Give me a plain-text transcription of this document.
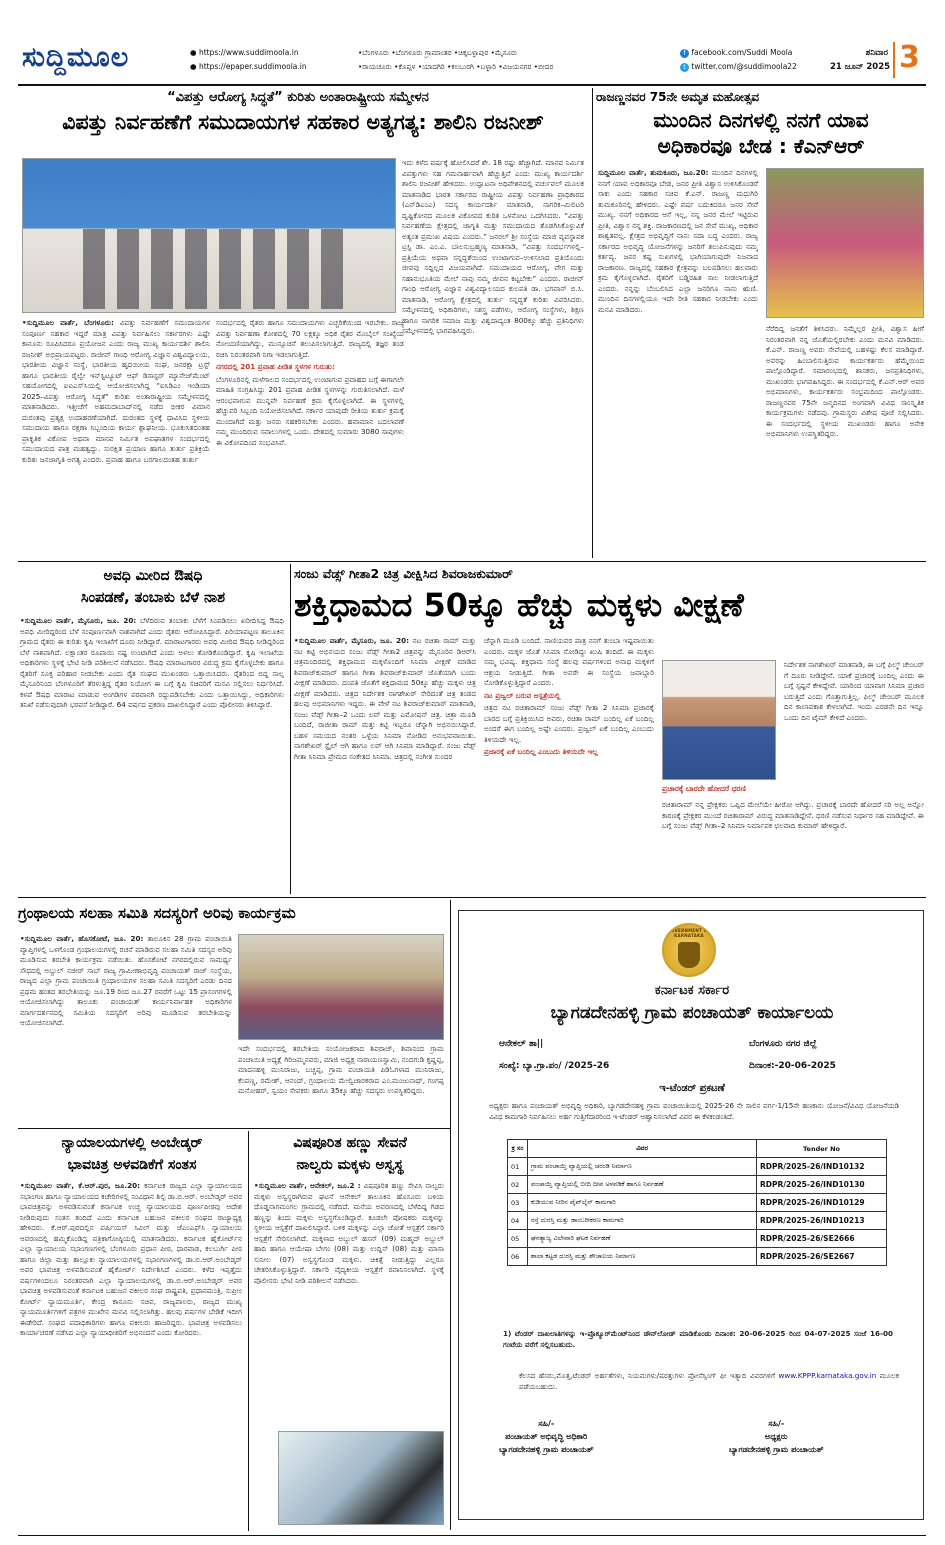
ಸುದ್ದಿಮೂಲ	● https://www.suddimoola.in
● https://epaper.suddimoola.in
•ಬೆಂಗಳೂರು •ಬೆಂಗಳೂರು ಗ್ರಾಮಾಂತರ •ಚಿಕ್ಕಬಳ್ಳಾಪುರ •ಮೈಸೂರು
•ರಾಯಚೂರು •ಕೊಪ್ಪಳ •ಯಾದಗಿರಿ •ಕಲಬುರಗಿ •ಬಳ್ಳಾರಿ •ವಿಜಯನಗರ •ಬೀದರ
f facebook.com/Suddi Moola
t twitter.com/@suddimoola22
ಶನಿವಾರ
21 ಜೂನ್ 2025 3
“ವಿಪತ್ತು ಆರೋಗ್ಯ ಸಿದ್ಧತೆ” ಕುರಿತು ಅಂತಾರಾಷ್ಟ್ರೀಯ ಸಮ್ಮೇಳನ
ವಿಪತ್ತು ನಿರ್ವಹಣೆಗೆ ಸಮುದಾಯಗಳ ಸಹಕಾರ ಅತ್ಯಗತ್ಯ: ಶಾಲಿನಿ ರಜನೀಶ್
•ಸುದ್ದಿಮೂಲ ವಾರ್ತೆ, ಬೆಂಗಳೂರು: ವಿಪತ್ತು ನಿರ್ವಹಣೆಗೆ ಸಮುದಾಯಗಳ ಸಂಪೂರ್ಣ ಸಹಕಾರ ಇದ್ದರೆ ಮಾತ್ರ ವಿಪತ್ತು ನಿರ್ವಹಿಸಲು ಸರ್ಕಾರಗಳು ಎಷ್ಟೇ ಕಾನೂನು ರೂಪಿಸಿದರೂ ಪ್ರಯೋಜನ ಎಂದು ರಾಜ್ಯ ಮುಖ್ಯ ಕಾರ್ಯದರ್ಶಿ ಶಾಲಿನಿ ರಜನೀಶ್ ಅಭಿಪ್ರಾಯಪಟ್ಟರು. ರಾಜೀವ್ ಗಾಂಧಿ ಆರೋಗ್ಯ ವಿಜ್ಞಾನ ವಿಶ್ವವಿದ್ಯಾಲಯ, ಭಾರತೀಯ ವಿಜ್ಞಾನ ಸಂಸ್ಥೆ, ಭಾರತೀಯ ಹೃದಯೀಯ ಸಂಘ, ಜನರಕ್ಷಾ ಟ್ರಸ್ಟ್ ಹಾಗೂ ಭಾರತೀಯ ರೈಲ್ವೇ ಇನ್‌ಸ್ಟಿಟ್ಯೂಟ್ ಆಫ್ ಡಿಸಾಸ್ಟರ್ ಮ್ಯಾನೇಜ್‌ಮೆಂಟ್ ಸಹಯೋಗದಲ್ಲಿ ಐಐಎಸ್‌ಸಿಯಲ್ಲಿ ಆಯೋಜಿಸಲಾಗಿದ್ದ “ಐಸಿಡಿಎಂ ಇಂಡಿಯಾ 2025–ವಿಪತ್ತು ಆರೋಗ್ಯ ಸಿದ್ಧತೆ” ಕುರಿತು ಅಂತಾರಾಷ್ಟ್ರೀಯ ಸಮ್ಮೇಳನದಲ್ಲಿ ಮಾತನಾಡಿದರು. ಇತ್ತೀಚೆಗೆ ಅಹಮದಾಬಾದ್‌ನಲ್ಲಿ ನಡೆದ ಭೀಕರ ವಿಮಾನ ದುರಂತವು ಪ್ರತ್ಯಕ್ಷ ಉದಾಹರಣೆಯಾಗಿದೆ. ದುರಂತದ ಸ್ಥಳಕ್ಕೆ ಧಾವಿಸಿದ ಸ್ಥಳೀಯ ಸಮುದಾಯ ಹಾಗೂ ರಕ್ಷಣಾ ಸಿಬ್ಬಂದಿಯ ಕಾರ್ಯ ಶ್ಲಾಘನೀಯ. ಭೂಕುಸಿತದಂತಹ ಪ್ರಾಕೃತಿಕ ವಿಕೋಪ ಅಥವಾ ಮಾನವ ನಿರ್ಮಿತ ಅಪಘಾತಗಳ ಸಂದರ್ಭದಲ್ಲಿ ಸಮುದಾಯದ ಪಾತ್ರ ಮಹತ್ವದ್ದು. ಸುರಕ್ಷಿತ ಪ್ರಯಾಣ ಹಾಗೂ ತುರ್ತು ಪ್ರತಿಕ್ರಿಯೆ ಕುರಿತು ಜನಜಾಗೃತಿ ಅಗತ್ಯ ಎಂದರು. ಪ್ರವಾಹ ಹಾಗೂ ಬರಗಾಲದಂತಹ ತುರ್ತು

ಸಂದರ್ಭದಲ್ಲಿ ರೈತರು ಹಾಗೂ ಸಮುದಾಯಗಳು ಎಚ್ಚರಿಕೆಯಿಂದ ಇರಬೇಕು. ರಾಜ್ಯ ವಿಪತ್ತು ನಿರ್ವಹಣಾ ಕೋಶದಲ್ಲಿ 70 ಲಕ್ಷಕ್ಕೂ ಅಧಿಕ ರೈತರ ಮೊಬೈಲ್ ಸಂಖ್ಯೆಯ ನೋಂದಣಿಯಾಗಿದ್ದು, ಮುನ್ಸೂಚನೆ ತಲುಪಿಸಲಾಗುತ್ತಿದೆ. ರಾಜ್ಯದಲ್ಲಿ ತಜ್ಞರ ತಂಡ ರಚಿಸಿ ನಿರಂತರವಾಗಿ ನಿಗಾ ಇಡಲಾಗುತ್ತಿದೆ.

ನಗರದಲ್ಲಿ 201 ಪ್ರವಾಹ ಪೀಡಿತ ಸ್ಥಳಗಳ ಗುರುತು:

ಬೆಂಗಳೂರಿನಲ್ಲಿ ಮಳೆಗಾಲದ ಸಂದರ್ಭದಲ್ಲಿ ಉಂಟಾಗುವ ಪ್ರವಾಹದ ಬಗ್ಗೆ ಈಗಾಗಲೇ ಮಾಹಿತಿ ಸಂಗ್ರಹಿಸಿದ್ದು 201 ಪ್ರವಾಹ ಪೀಡಿತ ಸ್ಥಳಗಳನ್ನು ಗುರುತಿಸಲಾಗಿದೆ. ಮಳೆ ಆರಂಭವಾಗುವ ಮುನ್ನವೇ ನಿರ್ವಹಣೆ ಕ್ರಮ ಕೈಗೊಳ್ಳಲಾಗಿದೆ. ಈ ಸ್ಥಳಗಳಲ್ಲಿ ಹೆಚ್ಚುವರಿ ಸಿಬ್ಬಂದಿ ನಿಯೋಜಿಸಲಾಗಿದೆ. ಸರ್ಕಾರ ಯಾವುದೇ ರೀತಿಯ ತುರ್ತು ಕ್ರಮಕ್ಕೆ ಮುಂದಾಗಿದೆ ಮತ್ತು ಜನರು ಸಹಕರಿಸಬೇಕು ಎಂದರು. ಹವಾಮಾನ ಬದಲಾವಣೆ ನಮ್ಮ ಮುಂದಿರುವ ಸವಾಲುಗಳಲ್ಲಿ ಒಂದು. ದೇಶದಲ್ಲಿ ಸುಮಾರು 3080 ಸಾವುಗಳು ಈ ವಿಕೋಪದಿಂದ ಸಂಭವಿಸಿವೆ.

ಇದು ಕಳೆದ ವರ್ಷಕ್ಕೆ ಹೋಲಿಸಿದರೆ ಶೇ. 18 ರಷ್ಟು ಹೆಚ್ಚಾಗಿದೆ. ಮಾನವ ನಿರ್ಮಿತ ವಿಪತ್ತುಗಳು ಸಹ ಗಮನಾರ್ಹವಾಗಿ ಹೆಚ್ಚುತ್ತಿವೆ ಎಂದು ಮುಖ್ಯ ಕಾರ್ಯದರ್ಶಿ ಶಾಲಿನಿ ರಜನೀಶ್ ಹೇಳಿದರು. ಉದ್ಘಾಟನಾ ಅಧಿವೇಶನದಲ್ಲಿ ವರ್ಚುವಲ್ ಮೂಲಕ ಮಾತನಾಡಿದ ಭಾರತ ಸರ್ಕಾರದ ರಾಷ್ಟ್ರೀಯ ವಿಪತ್ತು ನಿರ್ವಹಣಾ ಪ್ರಾಧಿಕಾರದ (ಎನ್‌ಡಿಎಂಎ) ಸದಸ್ಯ ಕಾರ್ಯದರ್ಶಿ ಮಾತನಾಡಿ, ನಾಗರಿಕ–ಮಿಲಿಟರಿ ದೃಷ್ಟಿಕೋನದ ಮೂಲಕ ವಿಕೋಪದ ಕುರಿತ ಒಳನೋಟ ಒದಗಿಸಿದರು. “ವಿಪತ್ತು ನಿರ್ವಹಣೆಯ ಕ್ಷೇತ್ರದಲ್ಲಿ ಜಾಗೃತಿ ಮತ್ತು ಸಮುದಾಯದ ತೊಡಗಿಸಿಕೊಳ್ಳುವಿಕೆ ಅತ್ಯಂತ ಪ್ರಮುಖ ವಿಷಯ ಎಂದರು.” ಜನರಲ್ ಶ್ರೀ ಸಂಸ್ಥೆಯ ಮಾಜಿ ವ್ಯವಸ್ಥಾಪಕ ಟ್ರಸ್ಟಿ ಡಾ. ಎಂ.ಎ. ಬಾಲಸುಬ್ರಹ್ಮಣ್ಯ ಮಾತನಾಡಿ, “ವಿಪತ್ತು ಸಂದರ್ಭಗಳಲ್ಲಿ–ಪ್ರತ್ರಿಯೆಯ ಅಥವಾ ಸನ್ನದ್ಧತೆಯಿಂದ ಉಂಟಾಗುವ–ಉಳಿಸಲಾದ ಪ್ರತಿಯೊಂದು ಜೀವವು ಸದ್ದಿಲ್ಲದ ವಿಜಯವಾಗಿದೆ. ಸಮುದಾಯದ ಆರೋಗ್ಯ, ವೇಗ ಮತ್ತು ಸಹಾನುಭೂತಿಯ ಮೇಲೆ ನಾವು ನಮ್ಮ ಜೀವನ ಕಟ್ಟಬೇಕು” ಎಂದರು. ರಾಜೀವ್ ಗಾಂಧಿ ಆರೋಗ್ಯ ವಿಜ್ಞಾನ ವಿಶ್ವವಿದ್ಯಾಲಯದ ಕುಲಪತಿ ಡಾ. ಭಗವಾನ್ ಬಿ.ಸಿ. ಮಾತನಾಡಿ, ಆರೋಗ್ಯ ಕ್ಷೇತ್ರದಲ್ಲಿ ತುರ್ತು ಸನ್ನದ್ಧತೆ ಕುರಿತು ವಿವರಿಸಿದರು. ಸಮ್ಮೇಳನದಲ್ಲಿ ಅಧಿಕಾರಿಗಳು, ಸಶಸ್ತ್ರ ಪಡೆಗಳು, ಆರೋಗ್ಯ ಸಂಸ್ಥೆಗಳು, ಶಿಕ್ಷಣ ಹಾಗೂ ನಾಗರಿಕ ಸಮಾಜ ಮತ್ತು ವಿಶ್ವದಾದ್ಯಂತ 800ಕ್ಕೂ ಹೆಚ್ಚು ಪ್ರತಿನಿಧಿಗಳು ಸಮ್ಮೇಳನದಲ್ಲಿ ಭಾಗವಹಿಸಿದ್ದರು.
ರಾಜಣ್ಣನವರ 75ನೇ ಅಮೃತ ಮಹೋತ್ಸವ
ಮುಂದಿನ ದಿನಗಳಲ್ಲಿ ನನಗೆ ಯಾವ
ಅಧಿಕಾರವೂ ಬೇಡ : ಕೆಎನ್‌ಆರ್
ಸುದ್ದಿಮೂಲ ವಾರ್ತೆ, ತುಮಕೂರು, ಜೂ.20: ಮುಂದಿನ ದಿನಗಳಲ್ಲಿ ನನಗೆ ಯಾವ ಅಧಿಕಾರವೂ ಬೇಡ, ಜನರ ಪ್ರೀತಿ ವಿಶ್ವಾಸ ಉಳಿಸಿಕೊಂಡರೆ ಸಾಕು ಎಂದು ಸಹಕಾರ ಸಚಿವ ಕೆ.ಎನ್. ರಾಜಣ್ಣ ಮಧುಗಿರಿ ತುಮಕೂರಿನಲ್ಲಿ ಹೇಳಿದರು. ಎಷ್ಟೇ ವರ್ಷ ಬದುಕಿದರೂ ಜನರ ಸೇವೆ ಮುಖ್ಯ. ನನಗೆ ಅಧಿಕಾರದ ಆಸೆ ಇಲ್ಲ, ನನ್ನ ಜನರ ಮೇಲೆ ಇಟ್ಟಿರುವ ಪ್ರೀತಿ, ವಿಶ್ವಾಸ ನನ್ನ ಶಕ್ತಿ. ರಾಜಕಾರಣದಲ್ಲಿ ಜನ ಸೇವೆ ಮುಖ್ಯ, ಅಧಿಕಾರ ಶಾಶ್ವತವಲ್ಲ. ಕ್ಷೇತ್ರದ ಅಭಿವೃದ್ಧಿಗೆ ನಾನು ಸದಾ ಬದ್ಧ ಎಂದರು. ರಾಜ್ಯ ಸರ್ಕಾರದ ಅಭಿವೃದ್ಧಿ ಯೋಜನೆಗಳನ್ನು ಜನರಿಗೆ ತಲುಪಿಸುವುದು ನಮ್ಮ ಕರ್ತವ್ಯ. ಜನರ ಕಷ್ಟ ಸುಖಗಳಲ್ಲಿ ಭಾಗಿಯಾಗುವುದೇ ನಿಜವಾದ ರಾಜಕಾರಣ. ರಾಜ್ಯದಲ್ಲಿ ಸಹಕಾರ ಕ್ಷೇತ್ರವನ್ನು ಬಲಪಡಿಸಲು ಹಲವಾರು ಕ್ರಮ ಕೈಗೊಳ್ಳಲಾಗಿದೆ. ರೈತರಿಗೆ ಬಡ್ಡಿರಹಿತ ಸಾಲ ನೀಡಲಾಗುತ್ತಿದೆ ಎಂದರು. ನನ್ನನ್ನು ಬೆಂಬಲಿಸಿದ ಎಲ್ಲಾ ಜನರಿಗೂ ನಾನು ಋಣಿ. ಮುಂದಿನ ದಿನಗಳಲ್ಲಿಯೂ ಇದೇ ರೀತಿ ಸಹಕಾರ ನೀಡಬೇಕು ಎಂದು ಮನವಿ ಮಾಡಿದರು.
ನೆರೆದಿದ್ದ ಜನತೆಗೆ ತಿಳಿಸಿದರು. ನಿಮ್ಮೆಲ್ಲರ ಪ್ರೀತಿ, ವಿಶ್ವಾಸ ಹೀಗೆ ನಿರಂತರವಾಗಿ ನನ್ನ ಜೊತೆಯಲ್ಲಿರಬೇಕು ಎಂದು ಮನವಿ ಮಾಡಿದರು. ಕೆ.ಎನ್. ರಾಜಣ್ಣ ಅವರು ಸೇವೆಯಲ್ಲಿ ಬಹಳಷ್ಟು ಕೆಲಸ ಮಾಡಿದ್ದಾರೆ. ಅವರನ್ನು ಹಿಂಬಾಲಿಸುತ್ತಿರುವ ಕಾರ್ಯಕರ್ತರು ಹೆಮ್ಮೆಯಿಂದ ಪಾಲ್ಗೊಂಡಿದ್ದಾರೆ. ಸಮಾರಂಭದಲ್ಲಿ ಶಾಸಕರು, ಜನಪ್ರತಿನಿಧಿಗಳು, ಮುಖಂಡರು ಭಾಗವಹಿಸಿದ್ದರು. ಈ ಸಂದರ್ಭದಲ್ಲಿ ಕೆ.ಎನ್.ಆರ್ ಅವರ ಅಭಿಮಾನಿಗಳು, ಕಾರ್ಯಕರ್ತರು ಸಂಭ್ರಮದಿಂದ ಪಾಲ್ಗೊಂಡರು. ರಾಜಣ್ಣನವರ 75ನೇ ಜನ್ಮದಿನದ ಅಂಗವಾಗಿ ವಿವಿಧ ಸಾಂಸ್ಕೃತಿಕ ಕಾರ್ಯಕ್ರಮಗಳು ನಡೆದವು. ಗ್ರಾಮಸ್ಥರು ವಿಶೇಷ ಪೂಜೆ ಸಲ್ಲಿಸಿದರು. ಈ ಸಂದರ್ಭದಲ್ಲಿ ಸ್ಥಳೀಯ ಮುಖಂಡರು ಹಾಗೂ ಅನೇಕ ಅಭಿಮಾನಿಗಳು ಉಪಸ್ಥಿತರಿದ್ದರು.
ಅವಧಿ ಮೀರಿದ ಔಷಧಿ
ಸಿಂಪಡಣೆ, ತಂಬಾಕು ಬೆಳೆ ನಾಶ
•ಸುದ್ದಿಮೂಲ ವಾರ್ತೆ, ಮೈಸೂರು, ಜೂ. 20: ಬೆಳೆದಿರುವ ತಂಬಾಕು ಬೆಳೆಗೆ ಸಿಂಪಡಿಸಲು ಖರೀದಿಸಿದ್ದ ಔಷಧಿ ಅವಧಿ ಮೀರಿದ್ದರಿಂದ ಬೆಳೆ ಸಂಪೂರ್ಣವಾಗಿ ನಾಶವಾಗಿದೆ ಎಂದು ರೈತರು ಆರೋಪಿಸಿದ್ದಾರೆ. ಪಿರಿಯಾಪಟ್ಟಣ ತಾಲೂಕಿನ ಗ್ರಾಮದ ರೈತರು ಈ ಕುರಿತು ಕೃಷಿ ಇಲಾಖೆಗೆ ದೂರು ನೀಡಿದ್ದಾರೆ. ಮಾರಾಟಗಾರರು ಅವಧಿ ಮೀರಿದ ಔಷಧಿ ನೀಡಿದ್ದರಿಂದ ಬೆಳೆ ನಾಶವಾಗಿದೆ. ಲಕ್ಷಾಂತರ ರೂಪಾಯಿ ನಷ್ಟ ಉಂಟಾಗಿದೆ ಎಂದು ಅಳಲು ತೋಡಿಕೊಂಡಿದ್ದಾರೆ. ಕೃಷಿ ಇಲಾಖೆಯ ಅಧಿಕಾರಿಗಳು ಸ್ಥಳಕ್ಕೆ ಭೇಟಿ ನೀಡಿ ಪರಿಶೀಲನೆ ನಡೆಸಿದರು. ಔಷಧಿ ಮಾರಾಟಗಾರರ ವಿರುದ್ಧ ಕ್ರಮ ಕೈಗೊಳ್ಳಬೇಕು ಹಾಗೂ ರೈತರಿಗೆ ಸೂಕ್ತ ಪರಿಹಾರ ನೀಡಬೇಕು ಎಂದು ರೈತ ಸಂಘದ ಮುಖಂಡರು ಒತ್ತಾಯಿಸಿದರು. ರೈತರಿಂದ ಬಿದ್ದ ಸಾಲ್ಪ ಮೈಸೂರಿನಿಂದ ಬೆಂಗಳೂರಿಗೆ ತೆರಳುತ್ತಿದ್ದ ರೈತರ ನಿಯೋಗ ಈ ಬಗ್ಗೆ ಕೃಷಿ ಸಚಿವರಿಗೆ ಮನವಿ ಸಲ್ಲಿಸಲು ನಿರ್ಧರಿಸಿದೆ. ಕಳಪೆ ಔಷಧಿ ಮಾರಾಟ ಮಾಡುವ ಅಂಗಡಿಗಳ ಪರವಾನಗಿ ರದ್ದುಪಡಿಸಬೇಕು ಎಂದು ಒತ್ತಾಯಿಸಿದ್ದು, ಅಧಿಕಾರಿಗಳು ತನಿಖೆ ನಡೆಸುವುದಾಗಿ ಭರವಸೆ ನೀಡಿದ್ದಾರೆ. 64 ವರ್ಷದ ಪ್ರಕರಣ ದಾಖಲಿಸಿದ್ದಾರೆ ಎಂದು ಪೊಲೀಸರು ತಿಳಿಸಿದ್ದಾರೆ.
ಸಂಜು ವೆಡ್ಸ್ ಗೀತಾ2 ಚಿತ್ರ ವೀಕ್ಷಿಸಿದ ಶಿವರಾಜಕುಮಾರ್
ಶಕ್ತಿಧಾಮದ 50ಕ್ಕೂ ಹೆಚ್ಚು ಮಕ್ಕಳು ವೀಕ್ಷಣೆ
•ಸುದ್ದಿಮೂಲ ವಾರ್ತೆ, ಮೈಸೂರು, ಜೂ. 20: ನಟ ರಚಿತಾ ರಾಮ್ ಮತ್ತು ನಟ ಕಿಟ್ಟಿ ಅಭಿನಯದ ಸಂಜು ವೆಡ್ಸ್ ಗೀತಾ2 ಚಿತ್ರವನ್ನು ಮೈಸೂರಿನ ಡಿಆರ್‌ಸಿ ಚಿತ್ರಮಂದಿರದಲ್ಲಿ ಶಕ್ತಿಧಾಮದ ಮಕ್ಕಳೊಂದಿಗೆ ಸಿನಿಮಾ ವೀಕ್ಷಣೆ ಮಾಡಿದ ಶಿವರಾಜ್‌ಕುಮಾರ್ ಹಾಗೂ ಗೀತಾ ಶಿವರಾಜ್‌ಕುಮಾರ್ ಜೊತೆಯಾಗಿ ಬಂದು ವೀಕ್ಷಣೆ ಮಾಡಿದರು. ದಂಪತಿ ಜೊತೆಗೆ ಶಕ್ತಿಧಾಮದ 50ಕ್ಕೂ ಹೆಚ್ಚು ಮಕ್ಕಳು ಚಿತ್ರ ವೀಕ್ಷಣೆ ಮಾಡಿದರು. ಚಿತ್ರದ ನಿರ್ದೇಶಕ ನಾಗಶೇಖರ್ ಸೇರಿದಂತೆ ಚಿತ್ರ ತಂಡದ ಹಲವು ಅಭಿಮಾನಿಗಳು ಇದ್ದರು. ಈ ವೇಳೆ ನಟ ಶಿವರಾಜ್‌ಕುಮಾರ್ ಮಾತನಾಡಿ, ಸಂಜು ವೆಡ್ಸ್ ಗೀತಾ–2 ಒಂದು ಲವ್ ಮತ್ತು ಎಮೋಷನ್ ಚಿತ್ರ. ಚಿತ್ರಾ ಮೂಡಿ ಬಂದಿದೆ, ರಾಜೀತಾ ರಾಮ್ ಮತ್ತು ಕಿಟ್ಟಿ ಇಬ್ಬರೂ ಚೆನ್ನಾಗಿ ಅಭಿನಯಿಸಿದ್ದಾರೆ. ಬಹಳ ಸಮಯದ ನಂತರ ಒಳ್ಳೆಯ ಸಿನಿಮಾ ನೋಡಿದ ಅನುಭವವಾಯಿತು. ನಾಗಶೇಖರ್ ಸ್ಟೈಲ್ ಆಗಿ ಹಾಗೂ ಲವ್ ಆಗಿ ಸಿನಿಮಾ ಮಾಡಿದ್ದಾರೆ. ಸಂಜು ವೆಡ್ಸ್ ಗೀತಾ ಸಿನಿಮಾ ಪ್ರೇಮದ ಸಂಕೇತದ ಸಿನಿಮಾ. ಚಿತ್ರದಲ್ಲಿ ಸಂಗೀತ ಸುಂದರ

ಚೆನ್ನಾಗಿ ಮೂಡಿ ಬಂದಿದೆ. ನಾಣಿಯವರ ಪಾತ್ರ ನನಗೆ ತುಂಬಾ ಇಷ್ಟವಾಯಿತು ಎಂದರು. ಮಕ್ಕಳ ಜೊತೆ ಸಿನಿಮಾ ನೋಡಿದ್ದು ಖುಷಿ ತಂದಿದೆ. ಈ ಮಕ್ಕಳು ನಮ್ಮ ಭವಿಷ್ಯ. ಶಕ್ತಿಧಾಮ ಸಂಸ್ಥೆ ಹಲವು ವರ್ಷಗಳಿಂದ ಅನಾಥ ಮಕ್ಕಳಿಗೆ ಆಶ್ರಯ ನೀಡುತ್ತಿದೆ. ಗೀತಾ ಅವರೇ ಈ ಸಂಸ್ಥೆಯ ಜವಾಬ್ದಾರಿ ನೋಡಿಕೊಳ್ಳುತ್ತಿದ್ದಾರೆ ಎಂದರು.

ನಟ ಪ್ರಜ್ವಲ್ ಬರುವ ಆಸ್ಪತ್ರೆಯಲ್ಲಿ

ಚಿತ್ರದ ನಟ ರಚಿತಾರಾಮ್ ಸಂಜು ವೆಡ್ಸ್ ಗೀತಾ 2 ಸಿನಿಮಾ ಪ್ರಚಾರಕ್ಕೆ ಬಾರದ ಬಗ್ಗೆ ಪ್ರತಿಕ್ರಿಯಿಸಿದ ಅವರು, ರಚಿತಾ ರಾಮ್ ಬಂದಿಲ್ಲ ಏಕೆ ಬಂದಿಲ್ಲ ಅಂದರೆ ಈಗ ಬಂದಿಲ್ಲ ಅಷ್ಟೇ ಎಂದರು. ಪ್ರಜ್ವಲ್ ಏಕೆ ಬಂದಿಲ್ಲ ಎಂಬುದು ತಿಳಿಯದೇ ಇಲ್ಲ.

ಪ್ರಜಾರಕ್ಕೆ ಏಕೆ ಬಂದಿಲ್ಲ ಎಂಬುದು ತಿಳಿಯದೇ ಇಲ್ಲ

ಪ್ರಚಾರಕ್ಕೆ ಬಾರದೇ ಹೋದರೆ ಧರಣಿ
ನಿರ್ದೇಶಕ ನಾಗಶೇಖರ್ ಮಾತನಾಡಿ, ಈ ಬಗ್ಗೆ ಫಿಲ್ಮ್ ಚೇಂಬರ್ ಗೆ ದೂರು ನೀಡಿದ್ದೇನೆ. ಯಾಕೆ ಪ್ರಚಾರಕ್ಕೆ ಬಂದಿಲ್ಲ ಎಂದು ಈ ಬಗ್ಗೆ ಸ್ಪಷ್ಟನೆ ಕೇಳಿದ್ದೇವೆ. ಯಾರಿಂದ ಯಾವಾಗ ಸಿನಿಮಾ ಪ್ರಚಾರ ಬರುತ್ತಿದೆ ಎಂದು ಗೊತ್ತಾಗುತ್ತಿಲ್ಲ. ಫಿಲ್ಮ್ ಚೇಂಬರ್ ಮೂಲಕ ದಿನ ಕಾಲಾವಕಾಶ ಕೇಳಲಾಗಿದೆ. ಇಂದು ಎರಡನೇ ದಿನ ಇನ್ನೂ ಒಂದು ದಿನ ಟೈಮ್ ಕೇಳಿದೆ ಎಂದರು.
ರಚಿತಾರಾಮ್ ನನ್ನ ಪ್ರೇಕ್ಷಕರು ಒಪ್ಪಿದ ಮೇಲೆಯೇ ಹೀರೋ ಆಗಿದ್ದು. ಪ್ರಚಾರಕ್ಕೆ ಬಾರದೇ ಹೋದರೆ ಸರಿ ಅಲ್ಲ ಅನ್ನೋ ಕಾರಣಕ್ಕೆ ಪ್ರೇಕ್ಷಕರ ಮುಂದೆ ರಚಿತಾರಾಮ್ ವಿರುದ್ಧ ಮಾತನಾಡಿದ್ದೇನೆ. ಧರಣಿ ನಡೆಸುವ ನಿರ್ಧಾರ ಸಹ ಮಾಡಿದ್ದೇವೆ. ಈ ಬಗ್ಗೆ ಸಂಜು ವೆಡ್ಸ್ ಗೀತಾ–2 ಸಿನಿಮಾ ನಿರ್ಮಾಪಕ ಛಲವಾದಿ ಕುಮಾರ್ ಹೇಳಿದ್ದಾರೆ.
ಗ್ರಂಥಾಲಯ ಸಲಹಾ ಸಮಿತಿ ಸದಸ್ಯರಿಗೆ ಅರಿವು ಕಾರ್ಯಕ್ರಮ
•ಸುದ್ದಿಮೂಲ ವಾರ್ತೆ, ಹೊಸಕೋಟೆ, ಜೂ. 20: ತಾಲೂಕಿನ 28 ಗ್ರಾಮ ಪಂಚಾಯಿತಿ ವ್ಯಾಪ್ತಿಗಳಲ್ಲಿ ಒಳಗೊಂಡ ಗ್ರಂಥಾಲಯಗಳಲ್ಲಿ ರಚನೆ ಮಾಡಿರುವ ಸಲಹಾ ಸಮಿತಿ ಸದಸ್ಯರ ಅರಿವು ಮೂಡಿಸುವ ತರಬೇತಿ ಕಾರ್ಯಕ್ರಮ ನಡೆಯಿತು. ಹೊಸಕೋಟೆ ನಗರದಲ್ಲಿರುವ ಸಾಮರ್ಥ್ಯ ಸೌಧದಲ್ಲಿ ಅಬ್ದುಲ್ ನಜೀರ್ ಸಾಬ್ ರಾಜ್ಯ ಗ್ರಾಮೀಣಾಭಿವೃದ್ಧಿ ಪಂಚಾಯತ್ ರಾಜ್ ಸಂಸ್ಥೆಯ, ರಾಜ್ಯದ ಎಲ್ಲಾ ಗ್ರಾಮ ಪಂಚಾಯಿತಿ ಗ್ರಂಥಾಲಯಗಳ ಸಲಹಾ ಸಮಿತಿ ಸದಸ್ಯರಿಗೆ ಎರಡು ದಿನದ ಪ್ರಥಮ ಹಂತದ ತರಬೇತಿಯನ್ನು ಜೂ.19 ರಿಂದ ಜೂ.27 ರವರೆಗೆ ಒಟ್ಟು 15 ಪ್ರಾಸಂಗಗಳಲ್ಲಿ ಆಯೋಜಿಸಲಾಗಿದ್ದು ತಾಲೂಕು ಪಂಚಾಯತ್ ಕಾರ್ಯನಿರ್ವಾಹಕ ಅಧಿಕಾರಿಗಳ ಮಾರ್ಗದರ್ಶನದಲ್ಲಿ ಸಮಿತಿಯ ಸದಸ್ಯರಿಗೆ ಅರಿವು ಮೂಡಿಸುವ ತರಬೇತಿಯನ್ನು ಆಯೋಜಿಸಲಾಗಿದೆ.
ಇದೇ ಸಂದರ್ಭದಲ್ಲಿ ತರಬೇತಿಯ ಸಂಯೋಜಕರಾದ ಶಿವರಾಜ್, ಶಿವಾನಂದ ಗ್ರಾಮ ಪಂಚಾಯಿತಿ ಅಧ್ಯಕ್ಷೆ ಗಿರಿಜಮ್ಮನವರು, ಮಾಜಿ ಅಧ್ಯಕ್ಷ ನಾರಾಯಣಸ್ವಾಮಿ, ನಂದಗುಡಿ ಕೃಷ್ಣಪ್ಪ, ಮಾದನಹಳ್ಳಿ ಮುನಿರಾಜು, ಬಚ್ಚಪ್ಪ, ಗ್ರಾಮ ಪಂಚಾಯತಿ ಪಿಡಿಓಗಳಾದ ಮುನಿರಾಜು, ಕೆಂಪಣ್ಣ, ರಮೇಶ್, ಆನಂದ್, ಗ್ರಂಥಾಲಯ ಮೇಲ್ವಿಚಾರಕರಾದ ಎಂ.ಮಂಜುನಾಥ್, ಗಂಗಪ್ಪ ಮನೋಹರ್, ಸ್ವಯಂ ಸೇವಕರು ಹಾಗೂ 35ಕ್ಕೂ ಹೆಚ್ಚು ಸದಸ್ಯರು ಉಪಸ್ಥಿತರಿದ್ದರು.
ನ್ಯಾಯಾಲಯಗಳಲ್ಲಿ ಅಂಬೇಡ್ಕರ್
ಭಾವಚಿತ್ರ ಅಳವಡಿಕೆಗೆ ಸಂತಸ
•ಸುದ್ದಿಮೂಲ ವಾರ್ತೆ, ಕೆ.ಆರ್.ಪುರ, ಜೂ.20: ಕರ್ನಾಟಕ ರಾಜ್ಯದ ಎಲ್ಲಾ ನ್ಯಾಯಾಲಯದ ಸಭಾಂಗಣ ಹಾಗೂ ನ್ಯಾಯಾಲಯದ ಕಚೇರಿಗಳಲ್ಲಿ ಸಂವಿಧಾನ ಶಿಲ್ಪಿ ಡಾ.ಬಿ.ಆರ್. ಅಂಬೇಡ್ಕರ್ ಅವರ ಭಾವಚಿತ್ರವನ್ನು ಅಳವಡಿಸುವಂತೆ ಕರ್ನಾಟಕ ಉಚ್ಚ ನ್ಯಾಯಾಲಯದ ಪೂರ್ಣಪೀಠವು ಆದೇಶ ನೀಡಿರುವುದು ಸಂತಸ ತಂದಿದೆ ಎಂದು ಕರ್ನಾಟಕ ಬಹುಜನ ವಕೀಲರ ಸಂಘದ ರಾಜ್ಯಾಧ್ಯಕ್ಷ ಹೇಳಿದರು. ಕೆ.ಆರ್.ಪುರದಲ್ಲಿನ ಪರ್ಷಿಯಸ್ ಸಿವಿಲ್ ಮತ್ತು ಜೆಎಂಎಫ್‌ಸಿ ನ್ಯಾಯಾಲಯ ಆವರಣದಲ್ಲಿ ಹಮ್ಮಿಕೊಂಡಿದ್ದ ಪತ್ರಿಕಾಗೋಷ್ಠಿಯಲ್ಲಿ ಮಾತನಾಡಿದರು. ಕರ್ನಾಟಕ ಹೈಕೋರ್ಟ್‌ನ ಎಲ್ಲಾ ನ್ಯಾಯಾಲಯ ಸಭಾಂಗಣಗಳಲ್ಲಿ ಬೆಂಗಳೂರು ಪ್ರಧಾನ ಪೀಠ, ಧಾರವಾಡ, ಕಲಬುರ್ಗಿ ಪೀಠ ಹಾಗೂ ಜಿಲ್ಲಾ ಮತ್ತು ತಾಲ್ಲೂಕು ನ್ಯಾಯಾಲಯಗಳಲ್ಲಿ ಸಭಾಂಗಣಗಳಲ್ಲಿ ಡಾ.ಬಿ.ಆರ್.ಅಂಬೇಡ್ಕರ್ ಅವರ ಭಾವಚಿತ್ರ ಅಳವಡಿಸುವಂತೆ ಹೈಕೋರ್ಟ್ ನಿರ್ದೇಶಿಸಿದೆ ಎಂದರು. ಕಳೆದ ಇಪ್ಪತ್ತೈದು ವರ್ಷಗಳಿಂದಲೂ ನಿರಂತರವಾಗಿ ಎಲ್ಲಾ ನ್ಯಾಯಾಲಯಗಳಲ್ಲಿ ಡಾ.ಬಿ.ಆರ್.ಅಂಬೇಡ್ಕರ್ ಅವರ ಭಾವಚಿತ್ರ ಅಳವಡಿಸುವಂತೆ ಕರ್ನಾಟಕ ಬಹುಜನ ವಕೀಲರ ಸಂಘ ರಾಷ್ಟ್ರಪತಿ, ಪ್ರಧಾನಮಂತ್ರಿ, ಸುಪ್ರೀಂ ಕೋರ್ಟ್ ನ್ಯಾಯಮೂರ್ತಿ, ಕೇಂದ್ರ ಕಾನೂನು ಸಚಿವ, ರಾಜ್ಯಪಾಲರು, ರಾಜ್ಯದ ಮುಖ್ಯ ನ್ಯಾಯಮೂರ್ತಿಗಳಿಗೆ ಪತ್ರಗಳ ಮುಖೇನ ಮನವಿ ಸಲ್ಲಿಸಲಾಗಿತ್ತು. ಹಲವು ವರ್ಷಗಳ ಬೇಡಿಕೆ ಇದೀಗ ಈಡೇರಿದೆ. ಸಂಘದ ಪದಾಧಿಕಾರಿಗಳು ಹಾಗೂ ವಕೀಲರು ಹಾಜರಿದ್ದರು. ಭಾವಚಿತ್ರ ಅಳವಡಿಸಲು ಕಾರ್ಯಾಚರಣೆ ನಡೆಸಿದ ಎಲ್ಲಾ ನ್ಯಾಯಾಧೀಶರಿಗೆ ಅಭಿನಂದನೆ ಎಂದು ಕೋರಿದರು.
ವಿಷಪೂರಿತ ಹಣ್ಣು ಸೇವನೆ
ನಾಲ್ವರು ಮಕ್ಕಳು ಅಸ್ವಸ್ಥ
•ಸುದ್ದಿಮೂಲ ವಾರ್ತೆ, ಆನೇಕಲ್, ಜೂ.2 : ವಿಷಪೂರಿತ ಹಣ್ಣು ಸೇವಿಸಿ ನಾಲ್ವರು ಮಕ್ಕಳು ಅಸ್ವಸ್ಥರಾಗಿರುವ ಘಟನೆ ಆನೇಕಲ್ ತಾಲೂಕಿನ ಹೊಸೂರು ಬಳಿಯ ದೊಡ್ಡನಾಗಮಂಗಲ ಗ್ರಾಮದಲ್ಲಿ ನಡೆದಿದೆ. ಮನೆಯ ಅವರಣದಲ್ಲಿ ಬೆಳೆದಿದ್ದ ಗಿಡದ ಹಣ್ಣನ್ನು ತಿಂದು ಮಕ್ಕಳು ಅಸ್ವಸ್ಥಗೊಂಡಿದ್ದಾರೆ. ಕೂಡಲೇ ಪೋಷಕರು ಮಕ್ಕಳನ್ನು ಸ್ಥಳೀಯ ಆಸ್ಪತ್ರೆಗೆ ದಾಖಲಿಸಿದ್ದಾರೆ. ಬಳಿಕ ಮಕ್ಕಳನ್ನು ಎಲ್ಲಾ ಜೋತೆ ಆಸ್ಪತ್ರೆಗೆ ಸರ್ಕಾರಿ ಆಸ್ಪತ್ರೆಗೆ ಸೇರಿಸಲಾಗಿದೆ. ಮಕ್ಕಳಾದ ಅಬ್ದುಲ್ ಹಸನ್ (09) ಮಹ್ಮದ್ ಅಬ್ದುಲ್ ಹಾದಿ ಹಾಗೂ ಆಯೇಷಾ ಬೇಗಂ (08) ಮತ್ತು ಉದ್ದಿನ್ (08) ಮತ್ತು ಮಾಸಾ ಸುನೀಲ (07) ಅಸ್ವಸ್ಥಗೊಂಡ ಮಕ್ಕಳು. ಚಿಕಿತ್ಸೆ ನೀಡುತ್ತಿದ್ದು ಎಲ್ಲರೂ ಚೇತರಿಸಿಕೊಳ್ಳುತ್ತಿದ್ದಾರೆ. ಸರ್ಕಾರಿ ವೈದ್ಯಕೀಯ ಆಸ್ಪತ್ರೆಗೆ ರವಾನಿಸಲಾಗಿದೆ. ಸ್ಥಳಕ್ಕೆ ಪೊಲೀಸರು ಭೇಟಿ ನೀಡಿ ಪರಿಶೀಲನೆ ನಡೆಸಿದರು.
GOVERNMENT OF KARNATAKA
ಕರ್ನಾಟಕ ಸರ್ಕಾರ
ಬ್ಯಾಗಡದೇನಹಳ್ಳಿ ಗ್ರಾಮ ಪಂಚಾಯತ್ ಕಾರ್ಯಾಲಯ
ಆನೇಕಲ್ ತಾ||	ಬೆಂಗಳೂರು ನಗರ ಜಿಲ್ಲೆ
ಸಂಖ್ಯೆ: ಬ್ಯಾ.ಗ್ರಾ.ಪಂ/ /2025-26	ದಿನಾಂಕ:-20-06-2025
ಇ-ಟೆಂಡರ್ ಪ್ರಕಟಣೆ
ಅಧ್ಯಕ್ಷರು ಹಾಗೂ ಪಂಚಾಯತ್ ಅಭಿವೃದ್ಧಿ ಅಧಿಕಾರಿ, ಬ್ಯಾಗಡದೇನಹಳ್ಳಿ ಗ್ರಾಮ ಪಂಚಾಯಿತಿಯಲ್ಲಿ 2025-26 ನೇ ಸಾಲಿನ ವರ್ಗ-1/15ನೇ ಹಣಕಾಸು ಯೋಜನೆ/ವಿವಿಧ ಯೋಜನೆಯಡಿ ವಿವಿಧ ಕಾಮಗಾರಿ ನಿರ್ವಹಿಸಲು ಅರ್ಹ ಗುತ್ತಿಗೆದಾರರಿಂದ ಇ-ಟೆಂಡರ್ ಆಹ್ವಾನಿಸಲಾಗಿದೆ ವಿವರ ಈ ಕೆಳಕಂಡಂತಿದೆ.
ಕ್ರ ಸಂ	ವಿವರ	Tender No
01	ಗ್ರಾಮ ಪಂಚಾಯ್ತಿ ವ್ಯಾಪ್ತಿಯಲ್ಲಿ ಚರಂಡಿ ನಿರ್ಮಾಣ	RDPR/2025-26/IND10132
02	ಪಂಚಾಯ್ತಿ ವ್ಯಾಪ್ತಿಯಲ್ಲಿ ಬೀದಿ ದೀಪ ಅಳವಡಿಕೆ ಹಾಗೂ ನಿರ್ವಹಣೆ	RDPR/2025-26/IND10130
03	ಕುಡಿಯುವ ನೀರಿನ ಪೈಪ್‌ಲೈನ್ ಕಾಮಗಾರಿ	RDPR/2025-26/IND10129
04	ರಸ್ತೆ ದುರಸ್ತಿ ಮತ್ತು ಡಾಂಬರೀಕರಣ ಕಾಮಗಾರಿ	RDPR/2025-26/IND10213
05	ಘನತ್ಯಾಜ್ಯ ವಿಲೇವಾರಿ ಘಟಕ ನಿರ್ವಹಣೆ	RDPR/2025-26/SE2666
06	ಶಾಲಾ ಕಟ್ಟಡ ದುರಸ್ತಿ ಮತ್ತು ಶೌಚಾಲಯ ನಿರ್ಮಾಣ	RDPR/2025-26/SE2667
1) ಟೆಂಡರ್ ದಾಖಲಾತಿಗಳನ್ನು ಇ-ಪ್ರೊಕ್ಯೂರ್‌ಮೆಂಟ್‌ನಿಂದ ಡೌನ್‌ಲೋಡ್ ಮಾಡಿಕೊಂಡು ದಿನಾಂಕ: 20-06-2025 ರಿಂದ 04-07-2025 ಸಂಜೆ 16-00 ಗಂಟೆಯ ವರೆಗೆ ಸಲ್ಲಿಸಬಹುದು.
ಕೆಲಸದ ಹೆಸರು,ಮೊತ್ತ,ಟೆಂಡರ್ ಅರ್ಹತೆಗಳು, ನಿಯಮಗಳು/ಷರತ್ತುಗಳು ಪ್ರೋಸೆಸ್ಸಿಂಗ್ ಫೀ ಇತ್ಯಾದಿ ವಿವರಗಳಿಗೆ www.KPPP.karnataka.gov.in ಮೂಲಕ ಪಡೆಯಬಹುದು.
ಸಹಿ/-
ಪಂಚಾಯತ್ ಅಭಿವೃದ್ಧಿ ಅಧಿಕಾರಿ
ಬ್ಯಾಗಡದೇನಹಳ್ಳಿ ಗ್ರಾಮ ಪಂಚಾಯತ್
ಸಹಿ/-
ಅಧ್ಯಕ್ಷರು
ಬ್ಯಾಗಡದೇನಹಳ್ಳಿ ಗ್ರಾಮ ಪಂಚಾಯತ್
